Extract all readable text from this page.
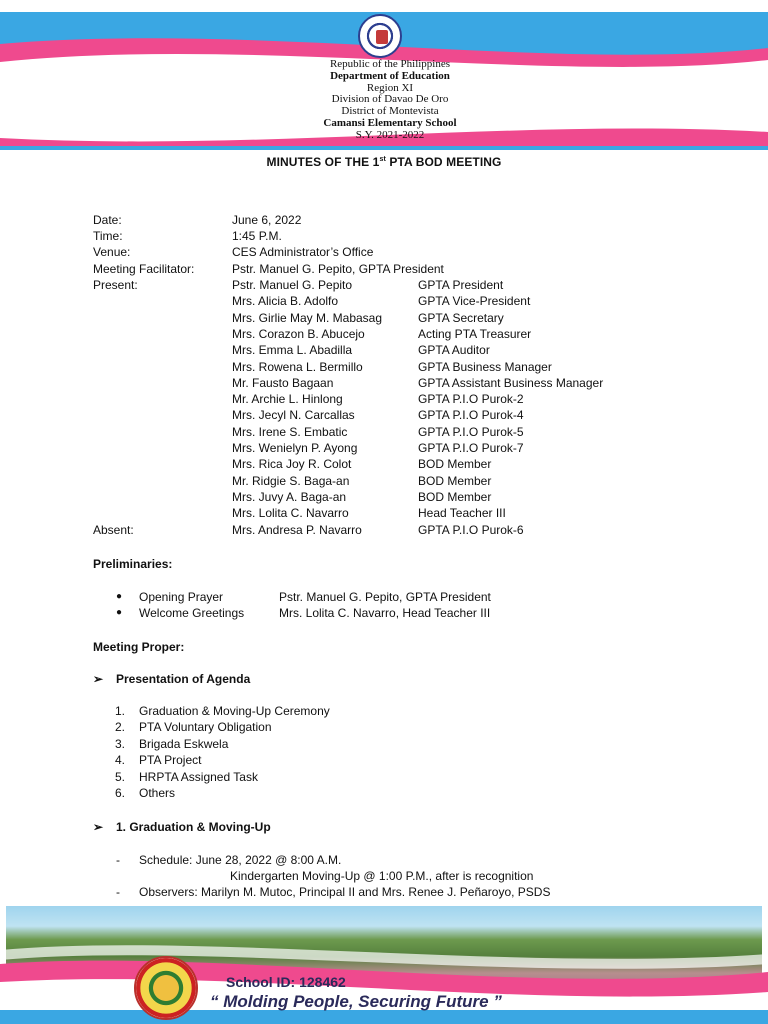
Republic of the Philippines
Department of Education
Region XI
Division of Davao De Oro
District of Montevista
Camansi Elementary School
S.Y. 2021-2022
MINUTES OF THE 1st PTA BOD MEETING
Date:	June 6, 2022
Time:	1:45 P.M.
Venue:	CES Administrator’s Office
Meeting Facilitator:	Pstr. Manuel G. Pepito, GPTA President
Present:	Pstr. Manuel G. Pepito	GPTA President
Mrs. Alicia B. Adolfo	GPTA Vice-President
Mrs. Girlie May M. Mabasag	GPTA Secretary
Mrs. Corazon B. Abucejo	Acting PTA Treasurer
Mrs. Emma L. Abadilla	GPTA Auditor
Mrs. Rowena L. Bermillo	GPTA Business Manager
Mr. Fausto Bagaan	GPTA Assistant Business Manager
Mr. Archie L. Hinlong	GPTA P.I.O Purok-2
Mrs. Jecyl N. Carcallas	GPTA P.I.O Purok-4
Mrs. Irene S. Embatic	GPTA P.I.O Purok-5
Mrs. Wenielyn P. Ayong	GPTA P.I.O Purok-7
Mrs. Rica Joy R. Colot	BOD Member
Mr. Ridgie S. Baga-an	BOD Member
Mrs. Juvy A. Baga-an	BOD Member
Mrs. Lolita C. Navarro	Head Teacher III
Absent:	Mrs. Andresa P. Navarro	GPTA P.I.O Purok-6
Preliminaries:
● Opening Prayer	Pstr. Manuel G. Pepito, GPTA President
● Welcome Greetings	Mrs. Lolita C. Navarro, Head Teacher III
Meeting Proper:
➢ Presentation of Agenda
1. Graduation & Moving-Up Ceremony
2. PTA Voluntary Obligation
3. Brigada Eskwela
4. PTA Project
5. HRPTA Assigned Task
6. Others
➢ 1. Graduation & Moving-Up
- Schedule: June 28, 2022 @ 8:00 A.M.
Kindergarten Moving-Up @ 1:00 P.M., after is recognition
- Observers: Marilyn M. Mutoc, Principal II and Mrs. Renee J. Peñaroyo, PSDS
School ID: 128462
“ Molding People, Securing Future ”
